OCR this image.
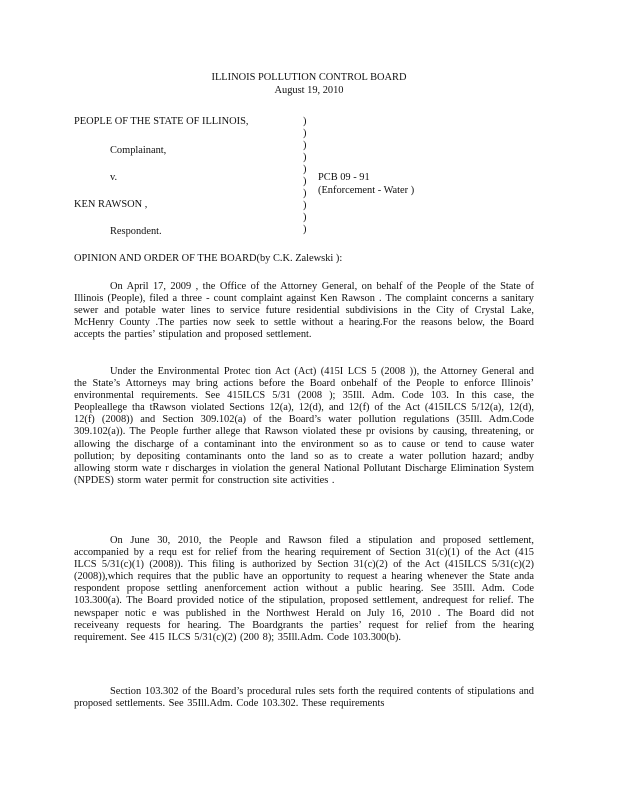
ILLINOIS POLLUTION CONTROL BOARD
August 19, 2010
PEOPLE OF THE STATE OF ILLINOIS,
Complainant,
v.
KEN RAWSON ,
Respondent.
)
)
)
)
)
)
)
)
)
)
PCB 09 - 91
(Enforcement - Water )
OPINION AND ORDER OF THE BOARD(by C.K. Zalewski ):

On April 17, 2009 , the Office of the Attorney General, on behalf of the People of the State of Illinois (People), filed a three - count complaint against Ken Rawson . The complaint concerns a sanitary sewer and potable water lines to service future residential subdivisions in the City of Crystal Lake, McHenry County .The parties now seek to settle without a hearing.For the reasons below, the Board accepts the parties’ stipulation and proposed settlement.

Under the Environmental Protec tion Act (Act) (415I LCS 5 (2008 )), the Attorney General and the State’s Attorneys may bring actions before the Board onbehalf of the People to enforce Illinois’ environmental requirements. See 415ILCS 5/31 (2008 ); 35Ill. Adm. Code 103. In this case, the Peopleallege tha tRawson violated Sections 12(a), 12(d), and 12(f) of the Act (415ILCS 5/12(a), 12(d), 12(f) (2008)) and Section 309.102(a) of the Board’s water pollution regulations (35Ill. Adm.Code 309.102(a)). The People further allege that Rawson violated these pr ovisions by causing, threatening, or allowing the discharge of a contaminant into the environment so as to cause or tend to cause water pollution; by depositing contaminants onto the land so as to create a water pollution hazard; andby allowing storm wate r discharges in violation the general National Pollutant Discharge Elimination System (NPDES) storm water permit for construction site activities .

On June 30, 2010, the People and Rawson filed a stipulation and proposed settlement, accompanied by a requ est for relief from the hearing requirement of Section 31(c)(1) of the Act (415 ILCS 5/31(c)(1) (2008)). This filing is authorized by Section 31(c)(2) of the Act (415ILCS 5/31(c)(2) (2008)),which requires that the public have an opportunity to request a hearing whenever the State anda respondent propose settling anenforcement action without a public hearing. See 35Ill. Adm. Code 103.300(a). The Board provided notice of the stipulation, proposed settlement, andrequest for relief. The newspaper notic e was published in the Northwest Herald on July 16, 2010 . The Board did not receiveany requests for hearing. The Boardgrants the parties’ request for relief from the hearing requirement. See 415 ILCS 5/31(c)(2) (200 8); 35Ill.Adm. Code 103.300(b).

Section 103.302 of the Board’s procedural rules sets forth the required contents of stipulations and proposed settlements. See 35Ill.Adm. Code 103.302. These requirements
